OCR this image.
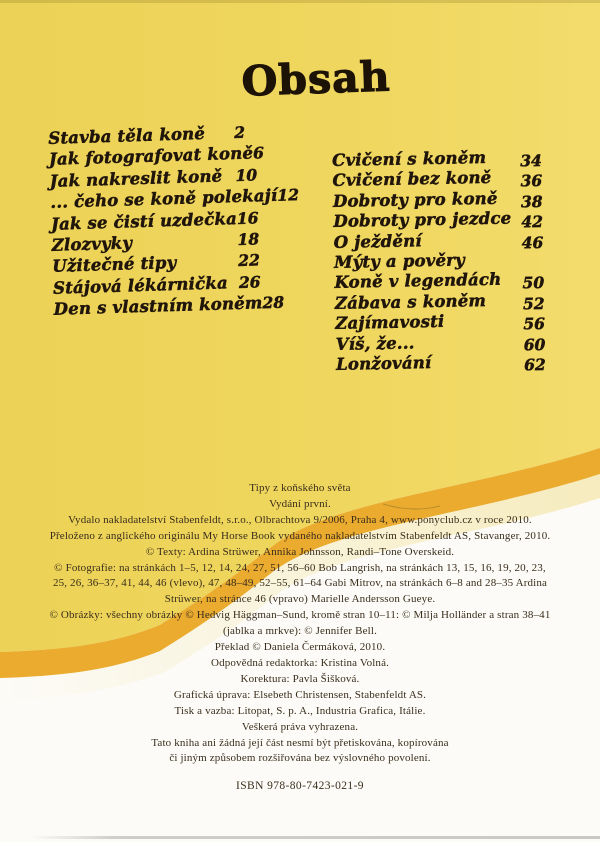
Obsah
Stavba těla koně	2
Jak fotografovat koně 6
Jak nakreslit koně 10
... čeho se koně polekají 12
Jak se čistí uzdečka 16
Zlozvyky	18
Užitečné tipy	22
Stájová lékárnička 26
Den s vlastním koněm 28
Cvičení s koněm	34
Cvičení bez koně	36
Dobroty pro koně	38
Dobroty pro jezdce 42
O ježdění	46
Mýty a pověry
Koně v legendách	50
Zábava s koněm	52
Zajímavosti	56
Víš, že...	60
Lonžování	62
Tipy z koňského světa
Vydání první.
Vydalo nakladatelství Stabenfeldt, s.r.o., Olbrachtova 9/2006, Praha 4, www.ponyclub.cz v roce 2010.
Přeloženo z anglického originálu My Horse Book vydaného nakladatelstvím Stabenfeldt AS, Stavanger, 2010.
© Texty: Ardina Strüwer, Annika Johnsson, Randi–Tone Overskeid.
© Fotografie: na stránkách 1–5, 12, 14, 24, 27, 51, 56–60 Bob Langrish, na stránkách 13, 15, 16, 19, 20, 23,
25, 26, 36–37, 41, 44, 46 (vlevo), 47, 48–49, 52–55, 61–64 Gabi Mitrov, na stránkách 6–8 and 28–35 Ardina
Strüwer, na stránce 46 (vpravo) Marielle Andersson Gueye.
© Obrázky: všechny obrázky © Hedvig Häggman–Sund, kromě stran 10–11: © Milja Holländer a stran 38–41
(jablka a mrkve): © Jennifer Bell.
Překlad © Daniela Čermáková, 2010.
Odpovědná redaktorka: Kristina Volná.
Korektura: Pavla Šišková.
Grafická úprava: Elsebeth Christensen, Stabenfeldt AS.
Tisk a vazba: Litopat, S. p. A., Industria Grafica, Itálie.
Veškerá práva vyhrazena.
Tato kniha ani žádná její část nesmí být přetiskována, kopírována
či jiným způsobem rozšiřována bez výslovného povolení.
ISBN 978-80-7423-021-9
